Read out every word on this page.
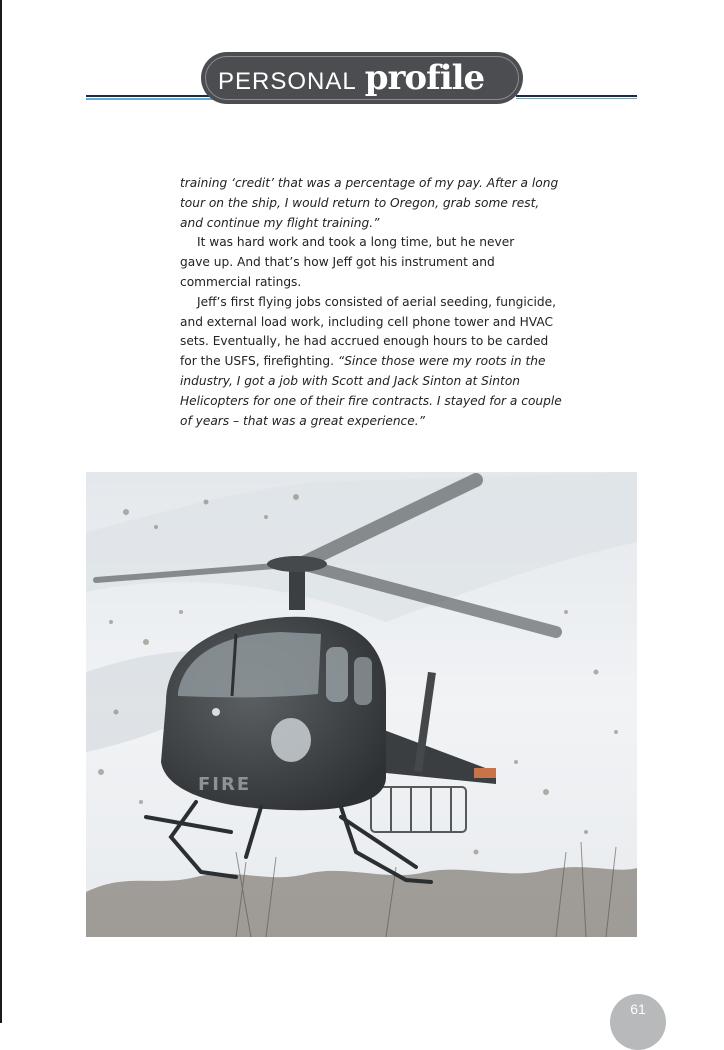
PERSONAL profile
training ‘credit’ that was a percentage of my pay. After a long
tour on the ship, I would return to Oregon, grab some rest,
and continue my flight training.”
It was hard work and took a long time, but he never
gave up. And that’s how Jeff got his instrument and
commercial ratings.
Jeff’s first flying jobs consisted of aerial seeding, fungicide,
and external load work, including cell phone tower and HVAC
sets. Eventually, he had accrued enough hours to be carded
for the USFS, firefighting. “Since those were my roots in the
industry, I got a job with Scott and Jack Sinton at Sinton
Helicopters for one of their fire contracts. I stayed for a couple
of years – that was a great experience.”
FIRE
61
